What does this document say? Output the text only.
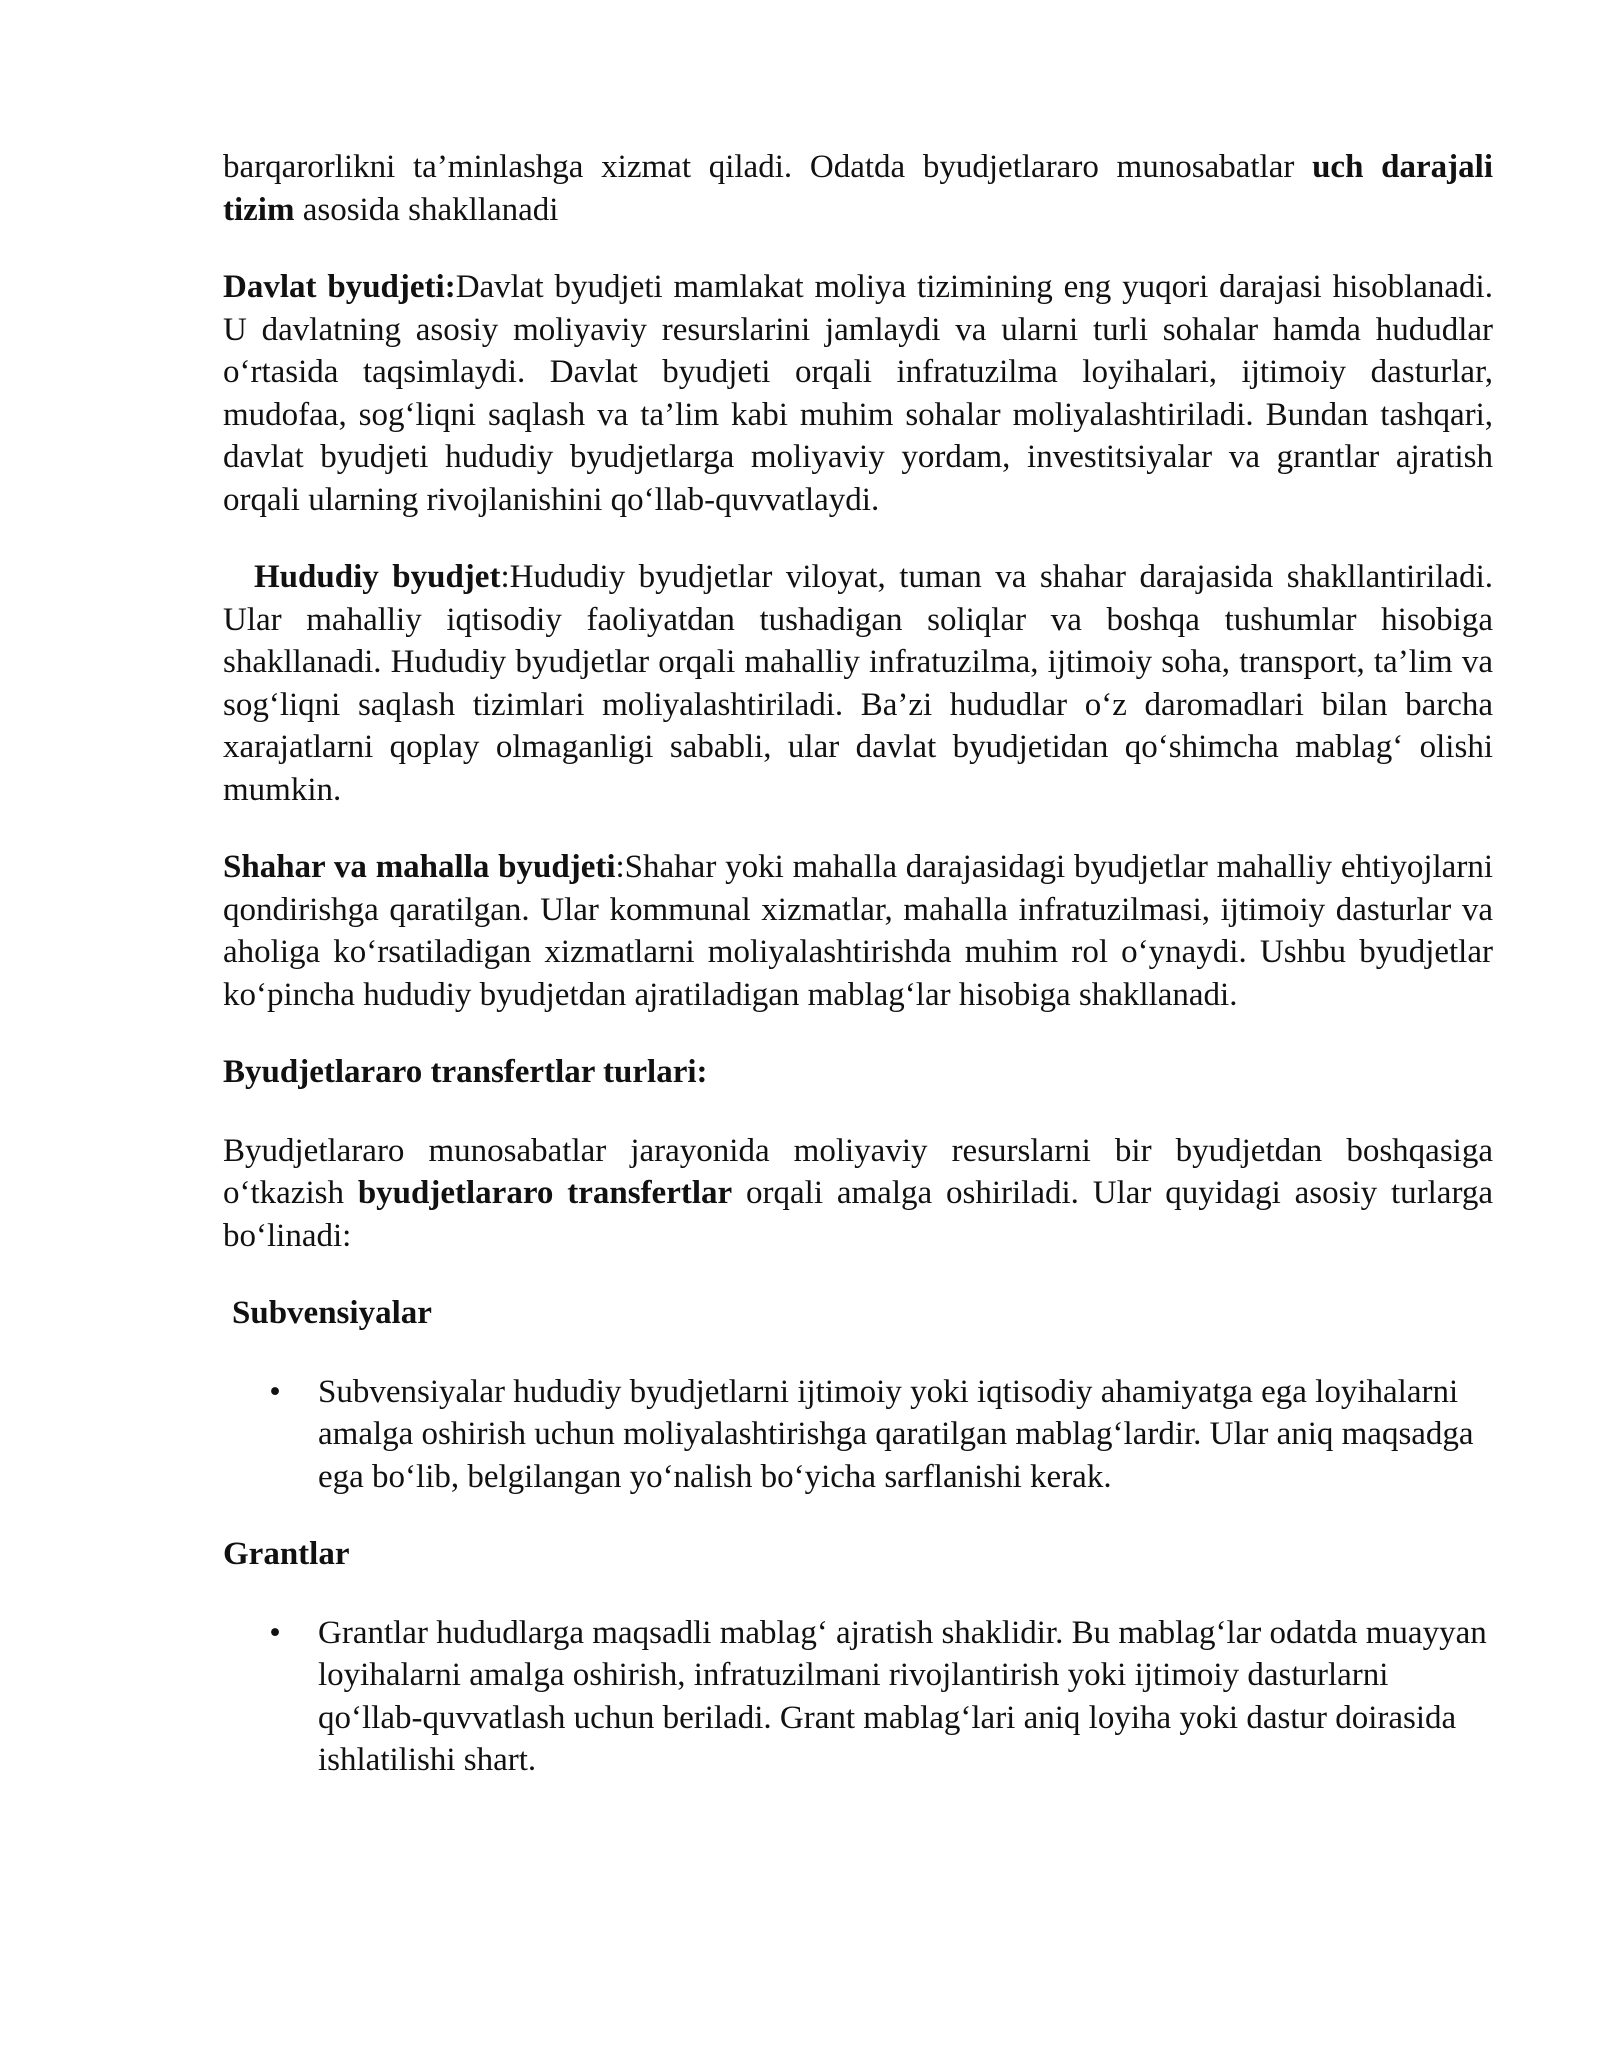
barqarorlikni ta’minlashga xizmat qiladi. Odatda byudjetlararo munosabatlar uch darajali tizim asosida shakllanadi

Davlat byudjeti:Davlat byudjeti mamlakat moliya tizimining eng yuqori darajasi hisoblanadi. U davlatning asosiy moliyaviy resurslarini jamlaydi va ularni turli sohalar hamda hududlar o‘rtasida taqsimlaydi. Davlat byudjeti orqali infratuzilma loyihalari, ijtimoiy dasturlar, mudofaa, sog‘liqni saqlash va ta’lim kabi muhim sohalar moliyalashtiriladi. Bundan tashqari, davlat byudjeti hududiy byudjetlarga moliyaviy yordam, investitsiyalar va grantlar ajratish orqali ularning rivojlanishini qo‘llab-quvvatlaydi.

Hududiy byudjet:Hududiy byudjetlar viloyat, tuman va shahar darajasida shakllantiriladi. Ular mahalliy iqtisodiy faoliyatdan tushadigan soliqlar va boshqa tushumlar hisobiga shakllanadi. Hududiy byudjetlar orqali mahalliy infratuzilma, ijtimoiy soha, transport, ta’lim va sog‘liqni saqlash tizimlari moliyalashtiriladi. Ba’zi hududlar o‘z daromadlari bilan barcha xarajatlarni qoplay olmaganligi sababli, ular davlat byudjetidan qo‘shimcha mablag‘ olishi mumkin.

Shahar va mahalla byudjeti:Shahar yoki mahalla darajasidagi byudjetlar mahalliy ehtiyojlarni qondirishga qaratilgan. Ular kommunal xizmatlar, mahalla infratuzilmasi, ijtimoiy dasturlar va aholiga ko‘rsatiladigan xizmatlarni moliyalashtirishda muhim rol o‘ynaydi. Ushbu byudjetlar ko‘pincha hududiy byudjetdan ajratiladigan mablag‘lar hisobiga shakllanadi.

Byudjetlararo transfertlar turlari:

Byudjetlararo munosabatlar jarayonida moliyaviy resurslarni bir byudjetdan boshqasiga o‘tkazish byudjetlararo transfertlar orqali amalga oshiriladi. Ular quyidagi asosiy turlarga bo‘linadi:

Subvensiyalar
• Subvensiyalar hududiy byudjetlarni ijtimoiy yoki iqtisodiy ahamiyatga ega loyihalarni amalga oshirish uchun moliyalashtirishga qaratilgan mablag‘lardir. Ular aniq maqsadga ega bo‘lib, belgilangan yo‘nalish bo‘yicha sarflanishi kerak.
Grantlar
• Grantlar hududlarga maqsadli mablag‘ ajratish shaklidir. Bu mablag‘lar odatda muayyan loyihalarni amalga oshirish, infratuzilmani rivojlantirish yoki ijtimoiy dasturlarni qo‘llab-quvvatlash uchun beriladi. Grant mablag‘lari aniq loyiha yoki dastur doirasida ishlatilishi shart.
